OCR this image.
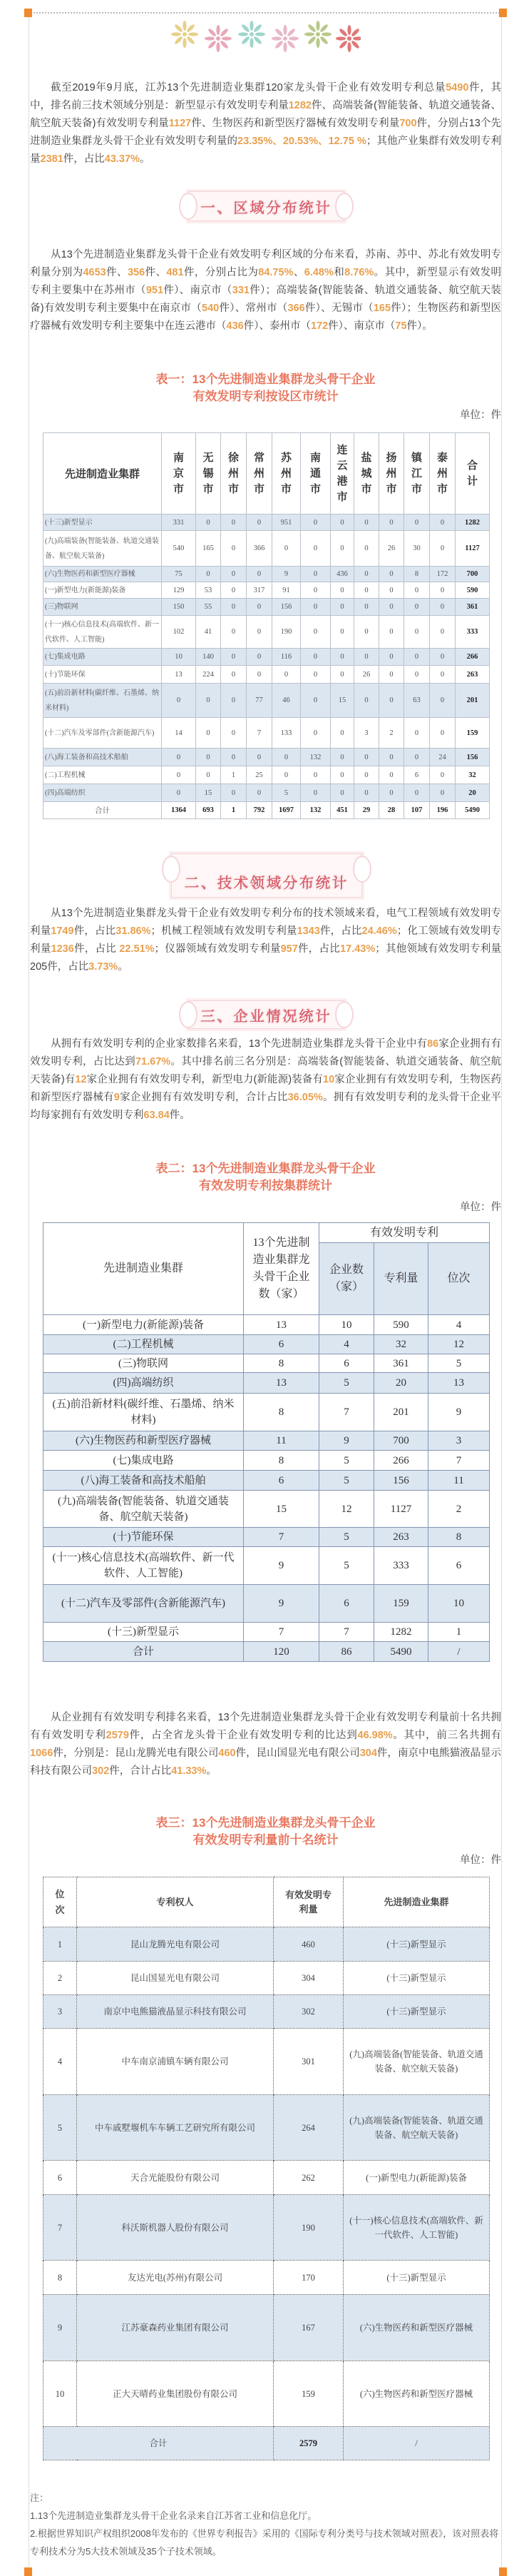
截至2019年9月底，江苏13个先进制造业集群120家龙头骨干企业有效发明专利总量5490件，其中，排名前三技术领域分别是：新型显示有效发明专利量1282件、高端装备(智能装备、轨道交通装备、航空航天装备)有效发明专利量1127件、生物医药和新型医疗器械有效发明专利量700件，分别占13个先进制造业集群龙头骨干企业有效发明专利量的23.35%、20.53%、12.75 %；其他产业集群有效发明专利量2381件，占比43.37%。
一、区域分布统计
从13个先进制造业集群龙头骨干企业有效发明专利区域的分布来看，苏南、苏中、苏北有效发明专利量分别为4653件、356件、481件，分别占比为84.75%、6.48%和8.76%。其中，新型显示有效发明专利主要集中在苏州市（951件）、南京市（331件）；高端装备(智能装备、轨道交通装备、航空航天装备)有效发明专利主要集中在南京市（540件）、常州市（366件）、无锡市（165件）；生物医药和新型医疗器械有效发明专利主要集中在连云港市（436件）、泰州市（172件）、南京市（75件）。
表一：13个先进制造业集群龙头骨干企业
有效发明专利按设区市统计
单位：件
先进制造业集群	南京市	无锡市	徐州市	常州市	苏州市	南通市	连云港市	盐城市	扬州市	镇江市	泰州市	合计
(十三)新型显示	331	0	0	0	951	0	0	0	0	0	0	1282
(九)高端装备(智能装备、轨道交通装备、航空航天装备)	540	165	0	366	0	0	0	0	26	30	0	1127
(六)生物医药和新型医疗器械	75	0	0	0	9	0	436	0	0	8	172	700
(一)新型电力(新能源)装备	129	53	0	317	91	0	0	0	0	0	0	590
(三)物联网	150	55	0	0	156	0	0	0	0	0	0	361
(十一)核心信息技术(高端软件、新一代软件、人工智能)	102	41	0	0	190	0	0	0	0	0	0	333
(七)集成电路	10	140	0	0	116	0	0	0	0	0	0	266
(十)节能环保	13	224	0	0	0	0	0	26	0	0	0	263
(五)前沿新材料(碳纤维、石墨烯、纳米材料)	0	0	0	77	46	0	15	0	0	63	0	201
(十二)汽车及零部件(含新能源汽车)	14	0	0	7	133	0	0	3	2	0	0	159
(八)海工装备和高技术船舶	0	0	0	0	0	132	0	0	0	0	24	156
(二)工程机械	0	0	1	25	0	0	0	0	0	6	0	32
(四)高端纺织	0	15	0	0	5	0	0	0	0	0	0	20
合计	1364	693	1	792	1697	132	451	29	28	107	196	5490
二、技术领域分布统计
从13个先进制造业集群龙头骨干企业有效发明专利分布的技术领域来看，电气工程领域有效发明专利量1749件，占比31.86%；机械工程领域有效发明专利量1343件，占比24.46%；化工领域有效发明专利量1236件，占比 22.51%；仪器领域有效发明专利量957件，占比17.43%；其他领域有效发明专利量205件，占比3.73%。
三、企业情况统计
从拥有有效发明专利的企业家数排名来看，13个先进制造业集群龙头骨干企业中有86家企业拥有有效发明专利，占比达到71.67%。其中排名前三名分别是：高端装备(智能装备、轨道交通装备、航空航天装备)有12家企业拥有有效发明专利，新型电力(新能源)装备有10家企业拥有有效发明专利，生物医药和新型医疗器械有9家企业拥有有效发明专利，合计占比36.05%。拥有有效发明专利的龙头骨干企业平均每家拥有有效发明专利63.84件。
表二：13个先进制造业集群龙头骨干企业
有效发明专利按集群统计
单位：件
先进制造业集群	13个先进制造业集群龙头骨干企业数（家）	有效发明专利		
		企业数（家）	专利量	位次
(一)新型电力(新能源)装备	13	10	590	4
(二)工程机械	6	4	32	12
(三)物联网	8	6	361	5
(四)高端纺织	13	5	20	13
(五)前沿新材料(碳纤维、石墨烯、纳米材料)	8	7	201	9
(六)生物医药和新型医疗器械	11	9	700	3
(七)集成电路	8	5	266	7
(八)海工装备和高技术船舶	6	5	156	11
(九)高端装备(智能装备、轨道交通装备、航空航天装备)	15	12	1127	2
(十)节能环保	7	5	263	8
(十一)核心信息技术(高端软件、新一代软件、人工智能)	9	5	333	6
(十二)汽车及零部件(含新能源汽车)	9	6	159	10
(十三)新型显示	7	7	1282	1
合计	120	86	5490	/
从企业拥有有效发明专利排名来看，13个先进制造业集群龙头骨干企业有效发明专利量前十名共拥有有效发明专利2579件，占全省龙头骨干企业有效发明专利的比达到46.98%。其中，前三名共拥有1066件，分别是：昆山龙腾光电有限公司460件，昆山国显光电有限公司304件，南京中电熊猫液晶显示科技有限公司302件，合计占比41.33%。
表三：13个先进制造业集群龙头骨干企业
有效发明专利量前十名统计
单位：件
位次	专利权人	有效发明专利量	先进制造业集群
1	昆山龙腾光电有限公司	460	(十三)新型显示
2	昆山国显光电有限公司	304	(十三)新型显示
3	南京中电熊猫液晶显示科技有限公司	302	(十三)新型显示
4	中车南京浦镇车辆有限公司	301	(九)高端装备(智能装备、轨道交通装备、航空航天装备)
5	中车戚墅堰机车车辆工艺研究所有限公司	264	(九)高端装备(智能装备、轨道交通装备、航空航天装备)
6	天合光能股份有限公司	262	(一)新型电力(新能源)装备
7	科沃斯机器人股份有限公司	190	(十一)核心信息技术(高端软件、新一代软件、人工智能)
8	友达光电(苏州)有限公司	170	(十三)新型显示
9	江苏豪森药业集团有限公司	167	(六)生物医药和新型医疗器械
10	正大天晴药业集团股份有限公司	159	(六)生物医药和新型医疗器械
合计		2579	/
注：
1.13个先进制造业集群龙头骨干企业名录来自江苏省工业和信息化厅。
2.根据世界知识产权组织2008年发布的《世界专利报告》采用的《国际专利分类号与技术领域对照表》，该对照表将专利技术分为5大技术领域及35个子技术领域。
